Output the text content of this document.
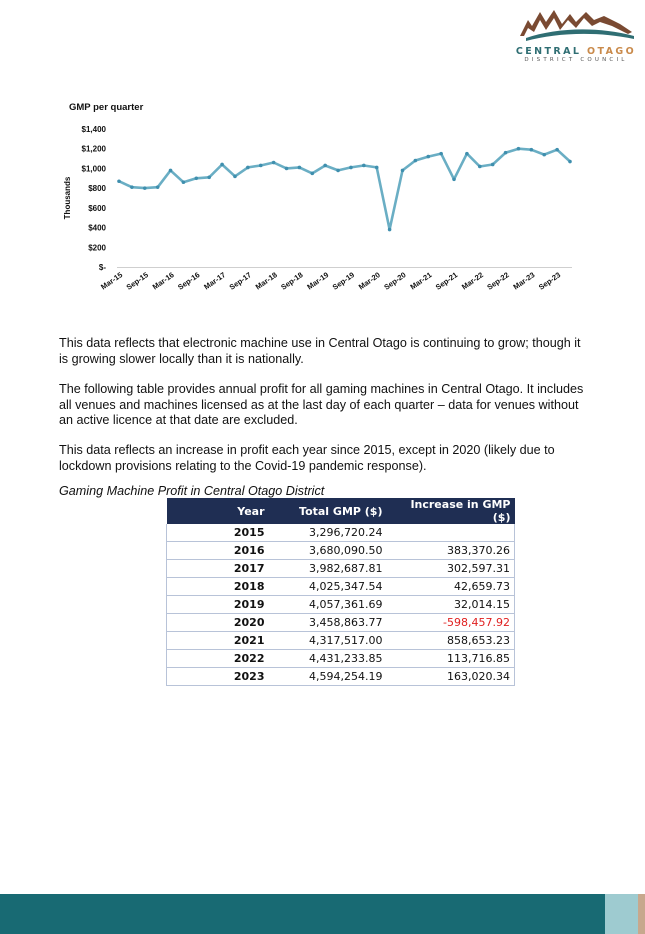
CENTRAL OTAGO
DISTRICT COUNCIL
GMP per quarter
Thousands
$-
$200
$400
$600
$800
$1,000
$1,200
$1,400
Mar-15 Sep-15 Mar-16 Sep-16 Mar-17 Sep-17 Mar-18 Sep-18 Mar-19 Sep-19 Mar-20 Sep-20 Mar-21 Sep-21 Mar-22 Sep-22 Mar-23 Sep-23

This data reflects that electronic machine use in Central Otago is continuing to grow; though it is growing slower locally than it is nationally.

The following table provides annual profit for all gaming machines in Central Otago. It includes all venues and machines licensed as at the last day of each quarter – data for venues without an active licence at that date are excluded.

This data reflects an increase in profit each year since 2015, except in 2020 (likely due to lockdown provisions relating to the Covid-19 pandemic response).

Gaming Machine Profit in Central Otago District

Year	Total GMP ($)	Increase in GMP ($)
2015	3,296,720.24	
2016	3,680,090.50	383,370.26
2017	3,982,687.81	302,597.31
2018	4,025,347.54	42,659.73
2019	4,057,361.69	32,014.15
2020	3,458,863.77	-598,457.92
2021	4,317,517.00	858,653.23
2022	4,431,233.85	113,716.85
2023	4,594,254.19	163,020.34
